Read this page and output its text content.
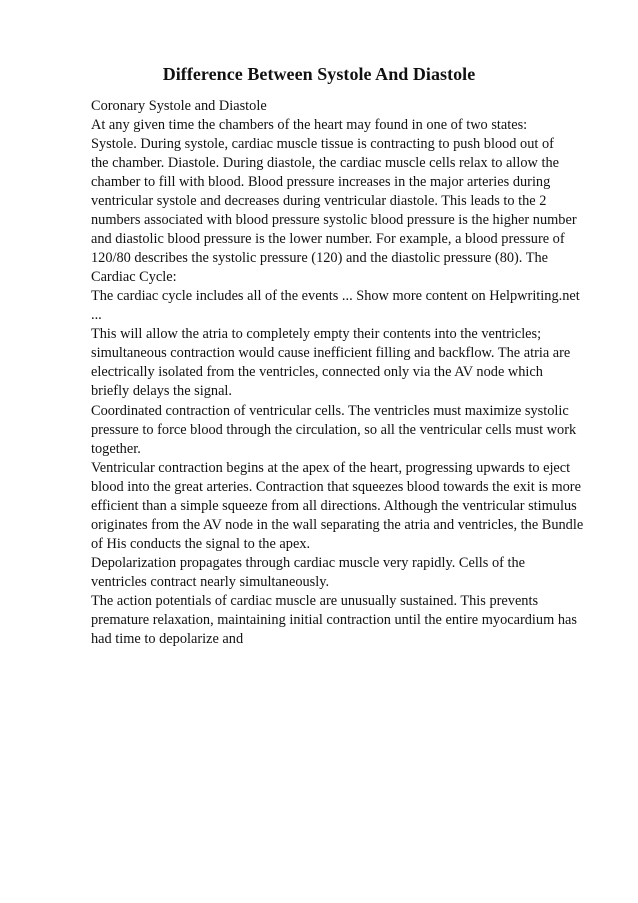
Difference Between Systole And Diastole
Coronary Systole and Diastole
At any given time the chambers of the heart may found in one of two states:
Systole. During systole, cardiac muscle tissue is contracting to push blood out of
the chamber. Diastole. During diastole, the cardiac muscle cells relax to allow the
chamber to fill with blood. Blood pressure increases in the major arteries during
ventricular systole and decreases during ventricular diastole. This leads to the 2
numbers associated with blood pressure systolic blood pressure is the higher number
and diastolic blood pressure is the lower number. For example, a blood pressure of
120/80 describes the systolic pressure (120) and the diastolic pressure (80). The
Cardiac Cycle:
The cardiac cycle includes all of the events ... Show more content on Helpwriting.net
...
This will allow the atria to completely empty their contents into the ventricles;
simultaneous contraction would cause inefficient filling and backflow. The atria are
electrically isolated from the ventricles, connected only via the AV node which
briefly delays the signal.
Coordinated contraction of ventricular cells. The ventricles must maximize systolic
pressure to force blood through the circulation, so all the ventricular cells must work
together.
Ventricular contraction begins at the apex of the heart, progressing upwards to eject
blood into the great arteries. Contraction that squeezes blood towards the exit is more
efficient than a simple squeeze from all directions. Although the ventricular stimulus
originates from the AV node in the wall separating the atria and ventricles, the Bundle
of His conducts the signal to the apex.
Depolarization propagates through cardiac muscle very rapidly. Cells of the
ventricles contract nearly simultaneously.
The action potentials of cardiac muscle are unusually sustained. This prevents
premature relaxation, maintaining initial contraction until the entire myocardium has
had time to depolarize and
